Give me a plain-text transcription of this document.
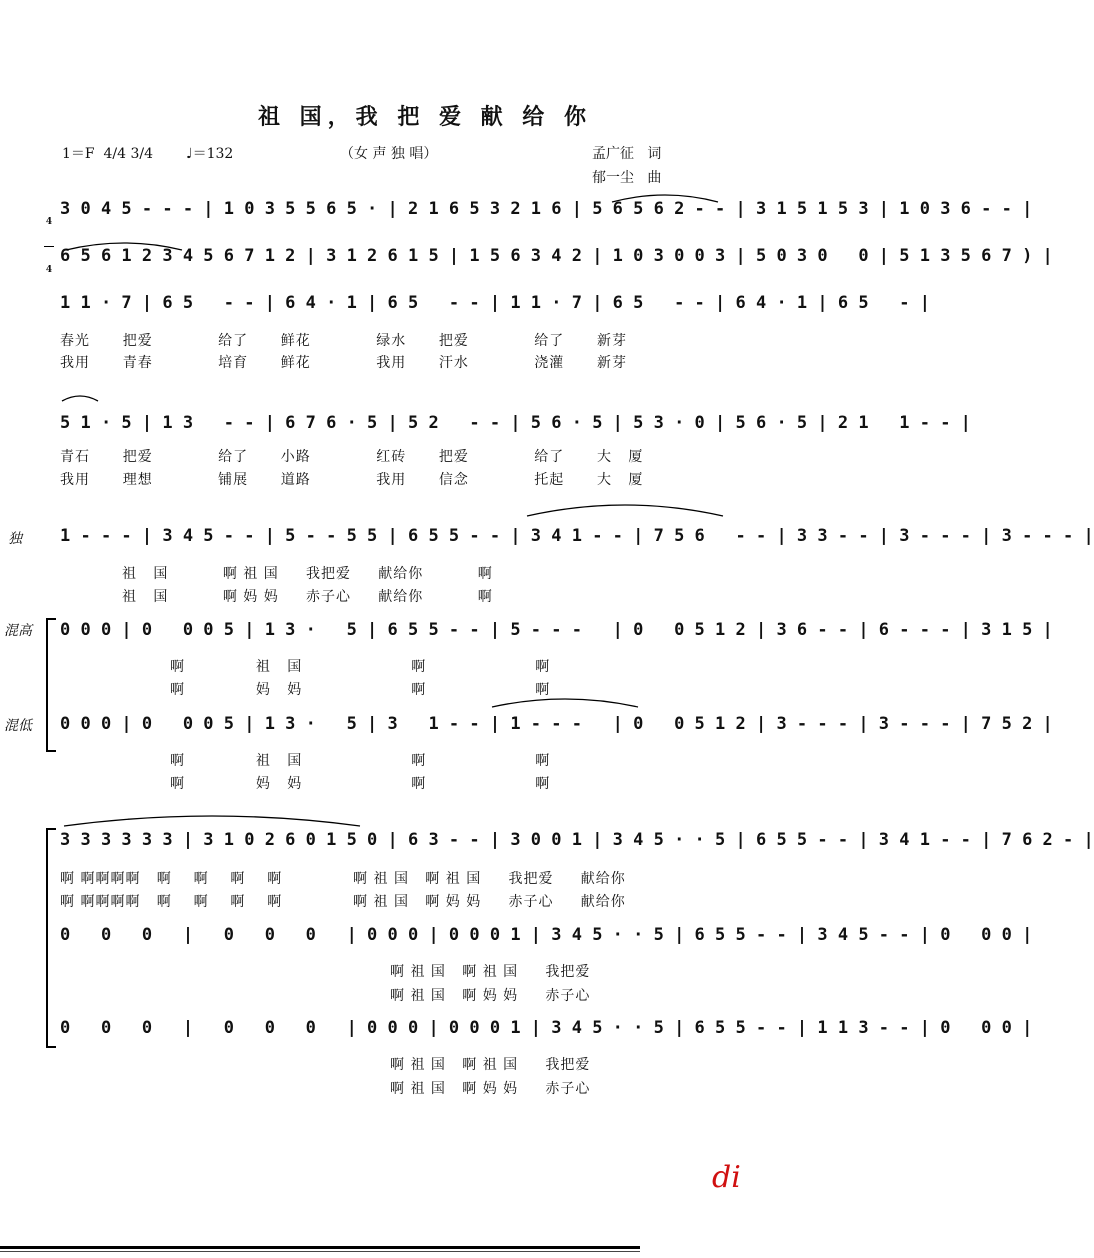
祖 国，我 把 爱 献 给 你
1＝F  4/4 3/4 ♩＝132	（女 声 独 唱）	孟广征   词
郁一尘   曲

4

4

3 0 4 5 - - - | 1 0 3 5 5 6 5 · | 2 1 6 5 3 2 1 6 | 5 6 5 6 2 - - | 3 1 5 1 5 3 | 1 0 3 6 - - |
6 5 6 1 2 3 4 5 6 7 1 2 | 3 1 2 6 1 5 | 1 5 6 3 4 2 | 1 0 3 0 0 3 | 5 0 3 0   0 | 5 1 3 5 6 7 ) |
1 1 · 7 | 6 5   - - | 6 4 · 1 | 6 5   - - | 1 1 · 7 | 6 5   - - | 6 4 · 1 | 6 5   - |
春光      把爱            给了      鲜花            绿水      把爱            给了      新芽
我用      青春            培育      鲜花            我用      汗水            浇灌      新芽
5 1 · 5 | 1 3   - - | 6 7 6 · 5 | 5 2   - - | 5 6 · 5 | 5 3 · 0 | 5 6 · 5 | 2 1   1 - - |
青石      把爱            给了      小路            红砖      把爱            给了      大   厦
我用      理想            铺展      道路            我用      信念            托起      大   厦
独
混高
混低
1 - - - | 3 4 5 - - | 5 - - 5 5 | 6 5 5 - - | 3 4 1 - - | 7 5 6   - - | 3 3 - - | 3 - - - | 3 - - - |
祖   国          啊 祖 国     我把爱     献给你          啊
祖   国          啊 妈 妈     赤子心     献给你          啊
0 0 0 | 0   0 0 5 | 1 3 ·   5 | 6 5 5 - - | 5 - - -   | 0   0 5 1 2 | 3 6 - - | 6 - - - | 3 1 5 |
啊             祖   国                    啊                    啊
啊             妈   妈                    啊                    啊
0 0 0 | 0   0 0 5 | 1 3 ·   5 | 3   1 - - | 1 - - -   | 0   0 5 1 2 | 3 - - - | 3 - - - | 7 5 2 |
啊             祖   国                    啊                    啊
啊             妈   妈                    啊                    啊
3 3 3 3 3 3 | 3 1 0 2 6 0 1 5 0 | 6 3 - - | 3 0 0 1 | 3 4 5 · · 5 | 6 5 5 - - | 3 4 1 - - | 7 6 2 - |
啊 啊啊啊啊   啊    啊    啊    啊             啊 祖 国   啊 祖 国     我把爱     献给你
啊 啊啊啊啊   啊    啊    啊    啊             啊 祖 国   啊 妈 妈     赤子心     献给你
0   0   0   |   0   0   0   | 0 0 0 | 0 0 0 1 | 3 4 5 · · 5 | 6 5 5 - - | 3 4 5 - - | 0   0 0 |
啊 祖 国   啊 祖 国     我把爱
啊 祖 国   啊 妈 妈     赤子心
0   0   0   |   0   0   0   | 0 0 0 | 0 0 0 1 | 3 4 5 · · 5 | 6 5 5 - - | 1 1 3 - - | 0   0 0 |
啊 祖 国   啊 祖 国     我把爱
啊 祖 国   啊 妈 妈     赤子心
di
